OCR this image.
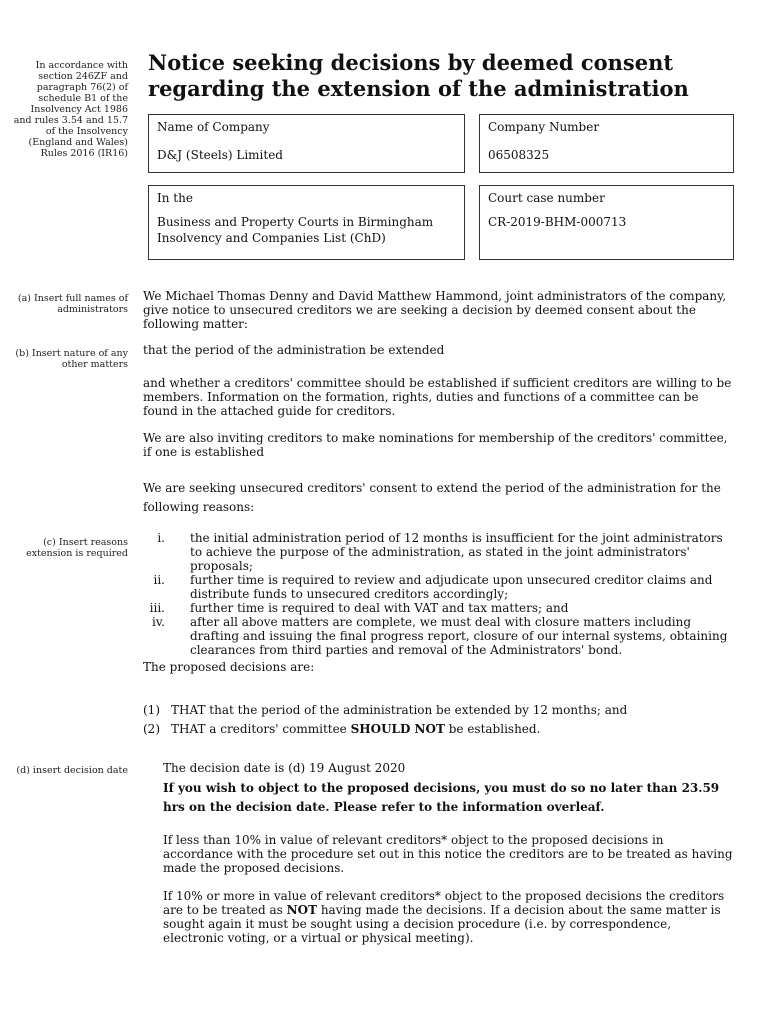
In accordance with section 246ZF and paragraph 76(2) of schedule B1 of the Insolvency Act 1986 and rules 3.54 and 15.7 of the Insolvency (England and Wales) Rules 2016 (IR16)
(a) Insert full names of administrators
(b) Insert nature of any other matters
(c) Insert reasons extension is required
(d) insert decision date
Notice seeking decisions by deemed consent regarding the extension of the administration
Name of Company
D&J (Steels) Limited
Company Number
06508325
In the
Business and Property Courts in Birmingham
Insolvency and Companies List (ChD)
Court case number
CR-2019-BHM-000713
We Michael Thomas Denny and David Matthew Hammond, joint administrators of the company, give notice to unsecured creditors we are seeking a decision by deemed consent about the following matter:
that the period of the administration be extended
and whether a creditors' committee should be established if sufficient creditors are willing to be members. Information on the formation, rights, duties and functions of a committee can be found in the attached guide for creditors.
We are also inviting creditors to make nominations for membership of the creditors' committee, if one is established
We are seeking unsecured creditors' consent to extend the period of the administration for the
following reasons:
i. the initial administration period of 12 months is insufficient for the joint administrators to achieve the purpose of the administration, as stated in the joint administrators' proposals;
ii. further time is required to review and adjudicate upon unsecured creditor claims and distribute funds to unsecured creditors accordingly;
iii. further time is required to deal with VAT and tax matters; and
iv. after all above matters are complete, we must deal with closure matters including drafting and issuing the final progress report, closure of our internal systems, obtaining clearances from third parties and removal of the Administrators' bond.
The proposed decisions are:
(1) THAT that the period of the administration be extended by 12 months; and
(2) THAT a creditors' committee SHOULD NOT be established.
The decision date is (d) 19 August 2020
If you wish to object to the proposed decisions, you must do so no later than 23.59
hrs on the decision date. Please refer to the information overleaf.
If less than 10% in value of relevant creditors* object to the proposed decisions in accordance with the procedure set out in this notice the creditors are to be treated as having made the proposed decisions.
If 10% or more in value of relevant creditors* object to the proposed decisions the creditors are to be treated as NOT having made the decisions. If a decision about the same matter is sought again it must be sought using a decision procedure (i.e. by correspondence, electronic voting, or a virtual or physical meeting).
